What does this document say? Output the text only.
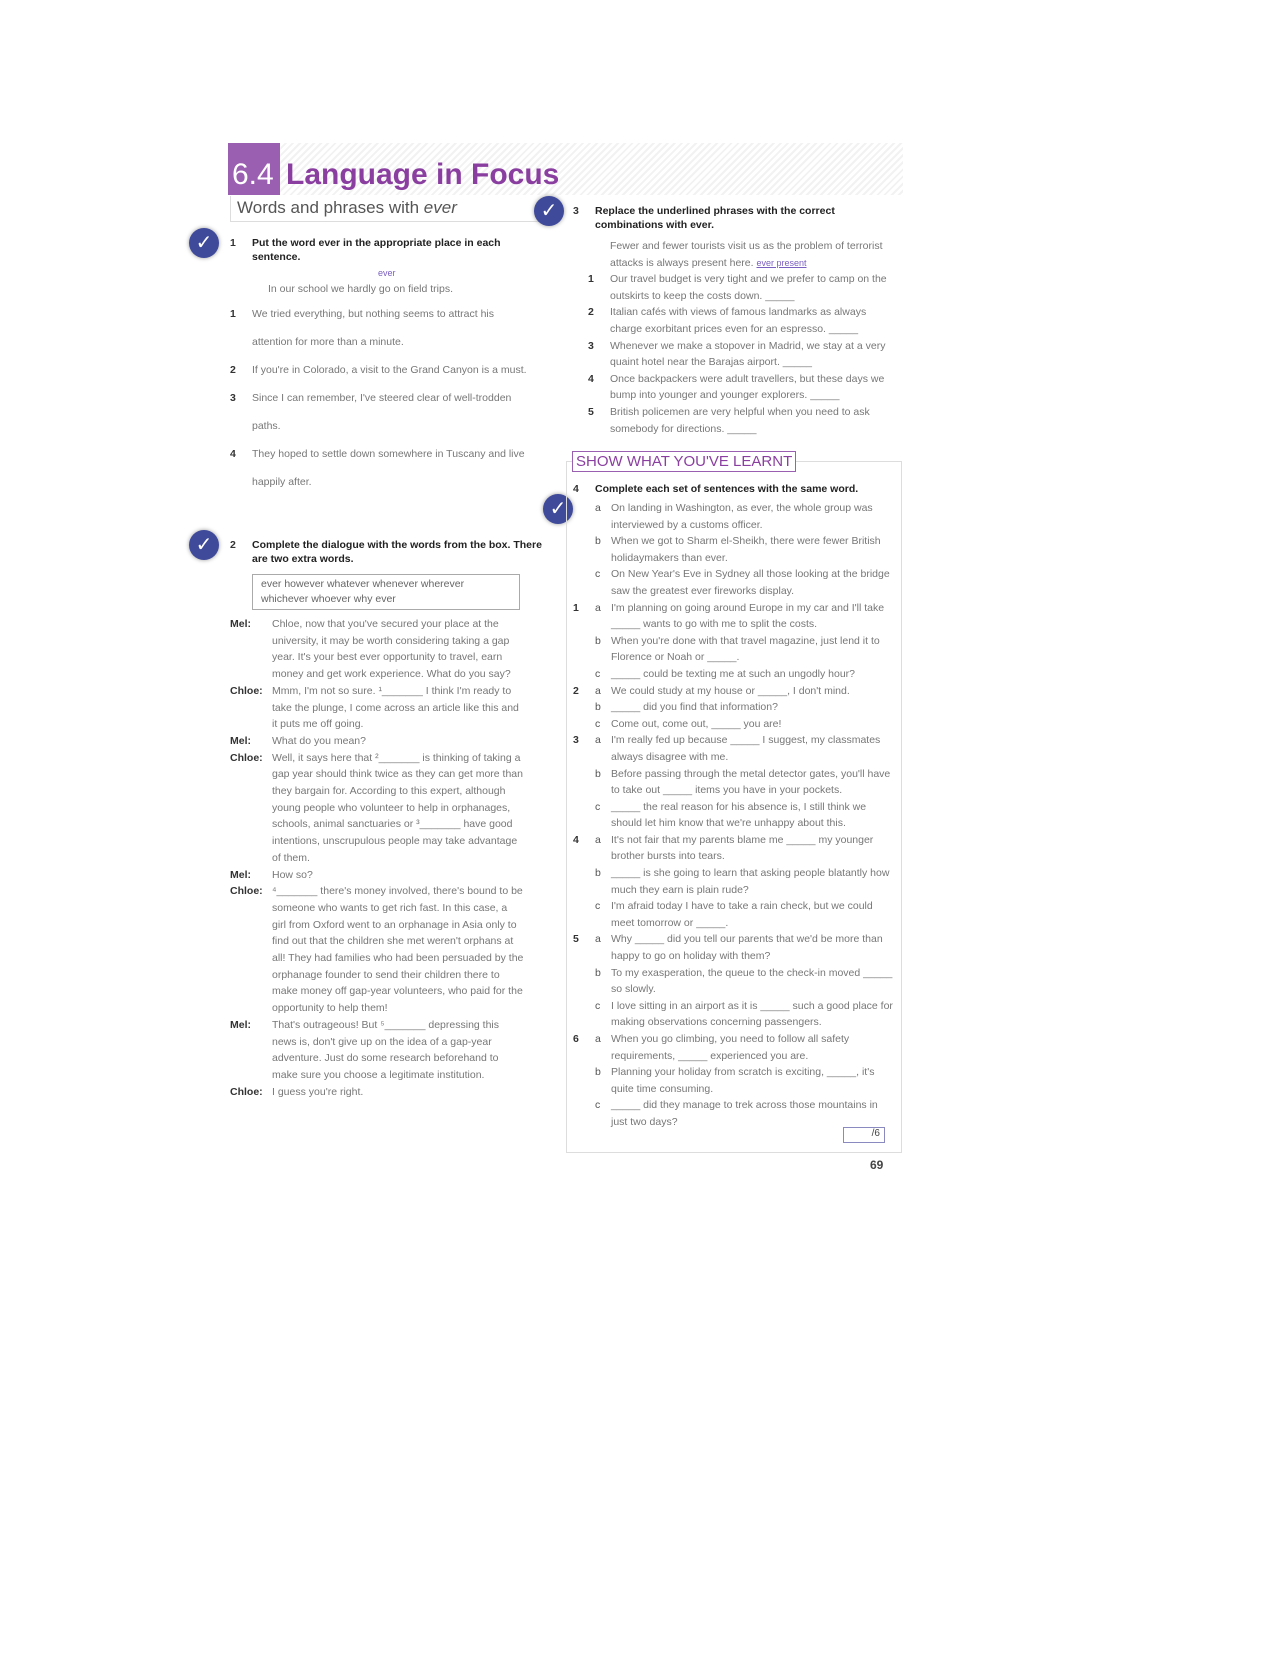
6.4 Language in Focus
Words and phrases with ever
✓
✓
✓
✓
1	Put the word ever in the appropriate place in each sentence.
ever
In our school we hardly go on field trips.
1	We tried everything, but nothing seems to attract his attention for more than a minute.
2	If you're in Colorado, a visit to the Grand Canyon is a must.
3	Since I can remember, I've steered clear of well-trodden paths.
4	They hoped to settle down somewhere in Tuscany and live happily after.
2	Complete the dialogue with the words from the box. There are two extra words.
ever however whatever whenever wherever whichever whoever why ever
Mel:	Chloe, now that you've secured your place at the university, it may be worth considering taking a gap year. It's your best ever opportunity to travel, earn money and get work experience. What do you say?
Chloe: Mmm, I'm not so sure. ¹_______ I think I'm ready to take the plunge, I come across an article like this and it puts me off going.
Mel:	What do you mean?
Chloe: Well, it says here that ²_______ is thinking of taking a gap year should think twice as they can get more than they bargain for. According to this expert, although young people who volunteer to help in orphanages, schools, animal sanctuaries or ³_______ have good intentions, unscrupulous people may take advantage of them.
Mel:	How so?
Chloe: ⁴_______ there's money involved, there's bound to be someone who wants to get rich fast. In this case, a girl from Oxford went to an orphanage in Asia only to find out that the children she met weren't orphans at all! They had families who had been persuaded by the orphanage founder to send their children there to make money off gap-year volunteers, who paid for the opportunity to help them!
Mel:	That's outrageous! But ⁵_______ depressing this news is, don't give up on the idea of a gap-year adventure. Just do some research beforehand to make sure you choose a legitimate institution.
Chloe: I guess you're right.
3	Replace the underlined phrases with the correct combinations with ever.
Fewer and fewer tourists visit us as the problem of terrorist attacks is always present here. ever present
1	Our travel budget is very tight and we prefer to camp on the outskirts to keep the costs down. _____
2	Italian cafés with views of famous landmarks as always charge exorbitant prices even for an espresso. _____
3	Whenever we make a stopover in Madrid, we stay at a very quaint hotel near the Barajas airport. _____
4	Once backpackers were adult travellers, but these days we bump into younger and younger explorers. _____
5	British policemen are very helpful when you need to ask somebody for directions. _____
SHOW WHAT YOU'VE LEARNT
4	Complete each set of sentences with the same word.
a On landing in Washington, as ever, the whole group was interviewed by a customs officer.
b When we got to Sharm el-Sheikh, there were fewer British holidaymakers than ever.
c	On New Year's Eve in Sydney all those looking at the bridge saw the greatest ever fireworks display.
1	a I'm planning on going around Europe in my car and I'll take _____ wants to go with me to split the costs.
b When you're done with that travel magazine, just lend it to Florence or Noah or _____.
c	_____ could be texting me at such an ungodly hour?
2	a We could study at my house or _____, I don't mind.
b _____ did you find that information?
c	Come out, come out, _____ you are!
3	a I'm really fed up because _____ I suggest, my classmates always disagree with me.
b Before passing through the metal detector gates, you'll have to take out _____ items you have in your pockets.
c	_____ the real reason for his absence is, I still think we should let him know that we're unhappy about this.
4	a It's not fair that my parents blame me _____ my younger brother bursts into tears.
b _____ is she going to learn that asking people blatantly how much they earn is plain rude?
c	I'm afraid today I have to take a rain check, but we could meet tomorrow or _____.
5	a Why _____ did you tell our parents that we'd be more than happy to go on holiday with them?
b To my exasperation, the queue to the check-in moved _____ so slowly.
c	I love sitting in an airport as it is _____ such a good place for making observations concerning passengers.
6	a When you go climbing, you need to follow all safety requirements, _____ experienced you are.
b Planning your holiday from scratch is exciting, _____, it's quite time consuming.
c	_____ did they manage to trek across those mountains in just two days?
/6
69
